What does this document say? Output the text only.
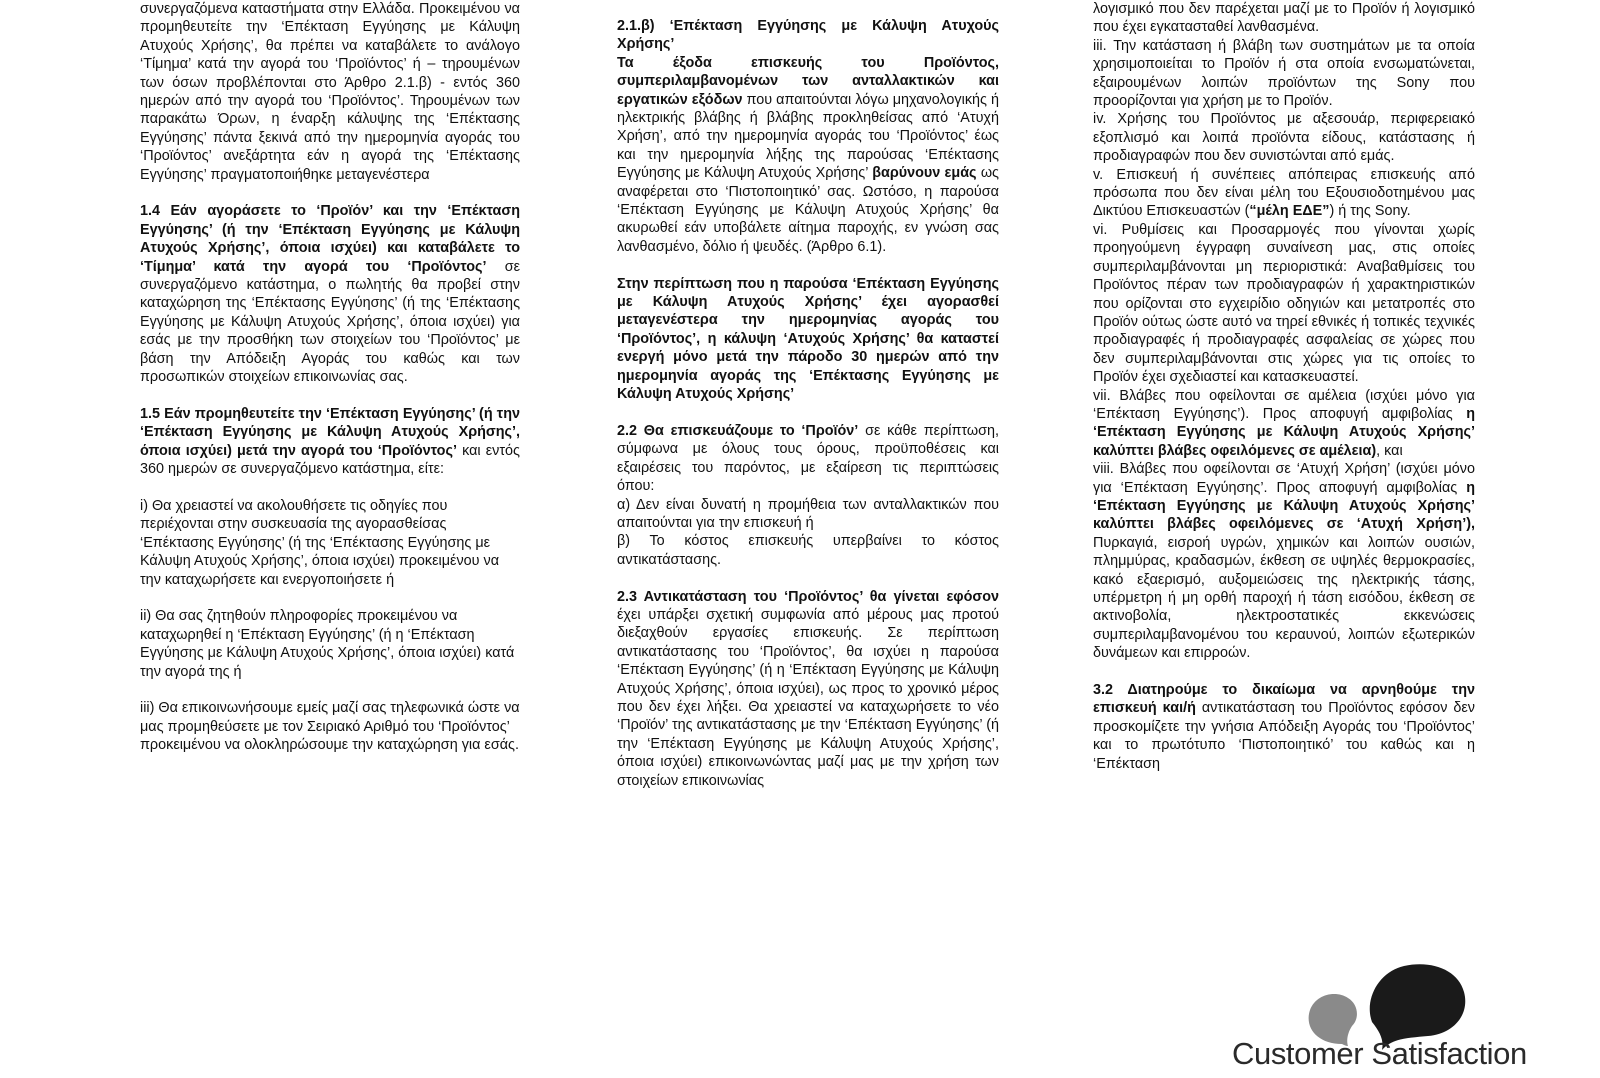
συνεργαζόμενα καταστήματα στην Ελλάδα. Προκειμένου να προμηθευτείτε την ‘Επέκταση Εγγύησης με Κάλυψη Ατυχούς Χρήσης’, θα πρέπει να καταβάλετε το ανάλογο ‘Τίμημα’ κατά την αγορά του ‘Προϊόντος’ ή – τηρουμένων των όσων προβλέπονται στο Άρθρο 2.1.β) - εντός 360 ημερών από την αγορά του ‘Προϊόντος’. Τηρουμένων των παρακάτω Όρων, η έναρξη κάλυψης της ‘Επέκτασης Εγγύησης’ πάντα ξεκινά από την ημερομηνία αγοράς του ‘Προϊόντος’ ανεξάρτητα εάν η αγορά της ‘Επέκτασης Εγγύησης’ πραγματοποιήθηκε μεταγενέστερα

1.4 Εάν αγοράσετε το ‘Προϊόν’ και την ‘Επέκταση Εγγύησης’ (ή την ‘Επέκταση Εγγύησης με Κάλυψη Ατυχούς Χρήσης’, όποια ισχύει) και καταβάλετε το ‘Τίμημα’ κατά την αγορά του ‘Προϊόντος’ σε συνεργαζόμενο κατάστημα, ο πωλητής θα προβεί στην καταχώρηση της ‘Επέκτασης Εγγύησης’ (ή της ‘Επέκτασης Εγγύησης με Κάλυψη Ατυχούς Χρήσης’, όποια ισχύει) για εσάς με την προσθήκη των στοιχείων του ‘Προϊόντος’ με βάση την Απόδειξη Αγοράς του καθώς και των προσωπικών στοιχείων επικοινωνίας σας.

1.5 Εάν προμηθευτείτε την ‘Επέκταση Εγγύησης’ (ή την ‘Επέκταση Εγγύησης με Κάλυψη Ατυχούς Χρήσης’, όποια ισχύει) μετά την αγορά του ‘Προϊόντος’ και εντός 360 ημερών σε συνεργαζόμενο κατάστημα, είτε:

i) Θα χρειαστεί να ακολουθήσετε τις οδηγίες που περιέχονται στην συσκευασία της αγορασθείσας ‘Επέκτασης Εγγύησης’ (ή της ‘Επέκτασης Εγγύησης με Κάλυψη Ατυχούς Χρήσης’, όποια ισχύει) προκειμένου να την καταχωρήσετε και ενεργοποιήσετε ή

ii) Θα σας ζητηθούν πληροφορίες προκειμένου να καταχωρηθεί η ‘Επέκταση Εγγύησης’ (ή η ‘Επέκταση Εγγύησης με Κάλυψη Ατυχούς Χρήσης’, όποια ισχύει) κατά την αγορά της ή

iii) Θα επικοινωνήσουμε εμείς μαζί σας τηλεφωνικά ώστε να μας προμηθεύσετε με τον Σειριακό Αριθμό του ‘Προϊόντος’ προκειμένου να ολοκληρώσουμε την καταχώρηση για εσάς.

2.1.β) ‘Επέκταση Εγγύησης με Κάλυψη Ατυχούς Χρήσης’

Τα έξοδα επισκευής του Προϊόντος, συμπεριλαμβανομένων των ανταλλακτικών και εργατικών εξόδων που απαιτούνται λόγω μηχανολογικής ή ηλεκτρικής βλάβης ή βλάβης προκληθείσας από ‘Ατυχή Χρήση’, από την ημερομηνία αγοράς του ‘Προϊόντος’ έως και την ημερομηνία λήξης της παρούσας ‘Επέκτασης Εγγύησης με Κάλυψη Ατυχούς Χρήσης’ βαρύνουν εμάς ως αναφέρεται στο ‘Πιστοποιητικό’ σας. Ωστόσο, η παρούσα ‘Επέκταση Εγγύησης με Κάλυψη Ατυχούς Χρήσης’ θα ακυρωθεί εάν υποβάλετε αίτημα παροχής, εν γνώση σας λανθασμένο, δόλιο ή ψευδές. (Άρθρο 6.1).

Στην περίπτωση που η παρούσα ‘Επέκταση Εγγύησης με Κάλυψη Ατυχούς Χρήσης’ έχει αγορασθεί μεταγενέστερα την ημερομηνίας αγοράς του ‘Προϊόντος’, η κάλυψη ‘Ατυχούς Χρήσης’ θα καταστεί ενεργή μόνο μετά την πάροδο 30 ημερών από την ημερομηνία αγοράς της ‘Επέκτασης Εγγύησης με Κάλυψη Ατυχούς Χρήσης’

2.2 Θα επισκευάζουμε το ‘Προϊόν’ σε κάθε περίπτωση, σύμφωνα με όλους τους όρους, προϋποθέσεις και εξαιρέσεις του παρόντος, με εξαίρεση τις περιπτώσεις όπου:

α) Δεν είναι δυνατή η προμήθεια των ανταλλακτικών που απαιτούνται για την επισκευή ή

β) Το κόστος επισκευής υπερβαίνει το κόστος αντικατάστασης.

2.3 Αντικατάσταση του ‘Προϊόντος’ θα γίνεται εφόσον έχει υπάρξει σχετική συμφωνία από μέρους μας προτού διεξαχθούν εργασίες επισκευής. Σε περίπτωση αντικατάστασης του ‘Προϊόντος’, θα ισχύει η παρούσα ‘Επέκταση Εγγύησης’ (ή η ‘Επέκταση Εγγύησης με Κάλυψη Ατυχούς Χρήσης’, όποια ισχύει), ως προς το χρονικό μέρος που δεν έχει λήξει. Θα χρειαστεί να καταχωρήσετε το νέο ‘Προϊόν’ της αντικατάστασης με την ‘Επέκταση Εγγύησης’ (ή την ‘Επέκταση Εγγύησης με Κάλυψη Ατυχούς Χρήσης’, όποια ισχύει) επικοινωνώντας μαζί μας με την χρήση των στοιχείων επικοινωνίας

λογισμικό που δεν παρέχεται μαζί με το Προϊόν ή λογισμικό που έχει εγκατασταθεί λανθασμένα.

iii. Την κατάσταση ή βλάβη των συστημάτων με τα οποία χρησιμοποιείται το Προϊόν ή στα οποία ενσωματώνεται, εξαιρουμένων λοιπών προϊόντων της Sony που προορίζονται για χρήση με το Προϊόν.

iv. Χρήσης του Προϊόντος με αξεσουάρ, περιφερειακό εξοπλισμό και λοιπά προϊόντα είδους, κατάστασης ή προδιαγραφών που δεν συνιστώνται από εμάς.

v. Επισκευή ή συνέπειες απόπειρας επισκευής από πρόσωπα που δεν είναι μέλη του Εξουσιοδοτημένου μας Δικτύου Επισκευαστών (“μέλη ΕΔΕ”) ή της Sony.

vi. Ρυθμίσεις και Προσαρμογές που γίνονται χωρίς προηγούμενη έγγραφη συναίνεση μας, στις οποίες συμπεριλαμβάνονται μη περιοριστικά: Αναβαθμίσεις του Προϊόντος πέραν των προδιαγραφών ή χαρακτηριστικών που ορίζονται στο εγχειρίδιο οδηγιών και μετατροπές στο Προϊόν ούτως ώστε αυτό να τηρεί εθνικές ή τοπικές τεχνικές προδιαγραφές ή προδιαγραφές ασφαλείας σε χώρες που δεν συμπεριλαμβάνονται στις χώρες για τις οποίες το Προϊόν έχει σχεδιαστεί και κατασκευαστεί.

vii. Βλάβες που οφείλονται σε αμέλεια (ισχύει μόνο για ‘Επέκταση Εγγύησης’). Προς αποφυγή αμφιβολίας η ‘Επέκταση Εγγύησης με Κάλυψη Ατυχούς Χρήσης’ καλύπτει βλάβες οφειλόμενες σε αμέλεια), και

viii. Βλάβες που οφείλονται σε ‘Ατυχή Χρήση’ (ισχύει μόνο για ‘Επέκταση Εγγύησης’. Προς αποφυγή αμφιβολίας η ‘Επέκταση Εγγύησης με Κάλυψη Ατυχούς Χρήσης’ καλύπτει βλάβες οφειλόμενες σε ‘Ατυχή Χρήση’), Πυρκαγιά, εισροή υγρών, χημικών και λοιπών ουσιών, πλημμύρας, κραδασμών, έκθεση σε υψηλές θερμοκρασίες, κακό εξαερισμό, αυξομειώσεις της ηλεκτρικής τάσης, υπέρμετρη ή μη ορθή παροχή ή τάση εισόδου, έκθεση σε ακτινοβολία, ηλεκτροστατικές εκκενώσεις συμπεριλαμβανομένου του κεραυνού, λοιπών εξωτερικών δυνάμεων και επιρροών.

3.2 Διατηρούμε το δικαίωμα να αρνηθούμε την επισκευή και/ή αντικατάσταση του Προϊόντος εφόσον δεν προσκομίζετε την γνήσια Απόδειξη Αγοράς του ‘Προϊόντος’ και το πρωτότυπο ‘Πιστοποιητικό’ του καθώς και η ‘Επέκταση

Customer Satisfaction
